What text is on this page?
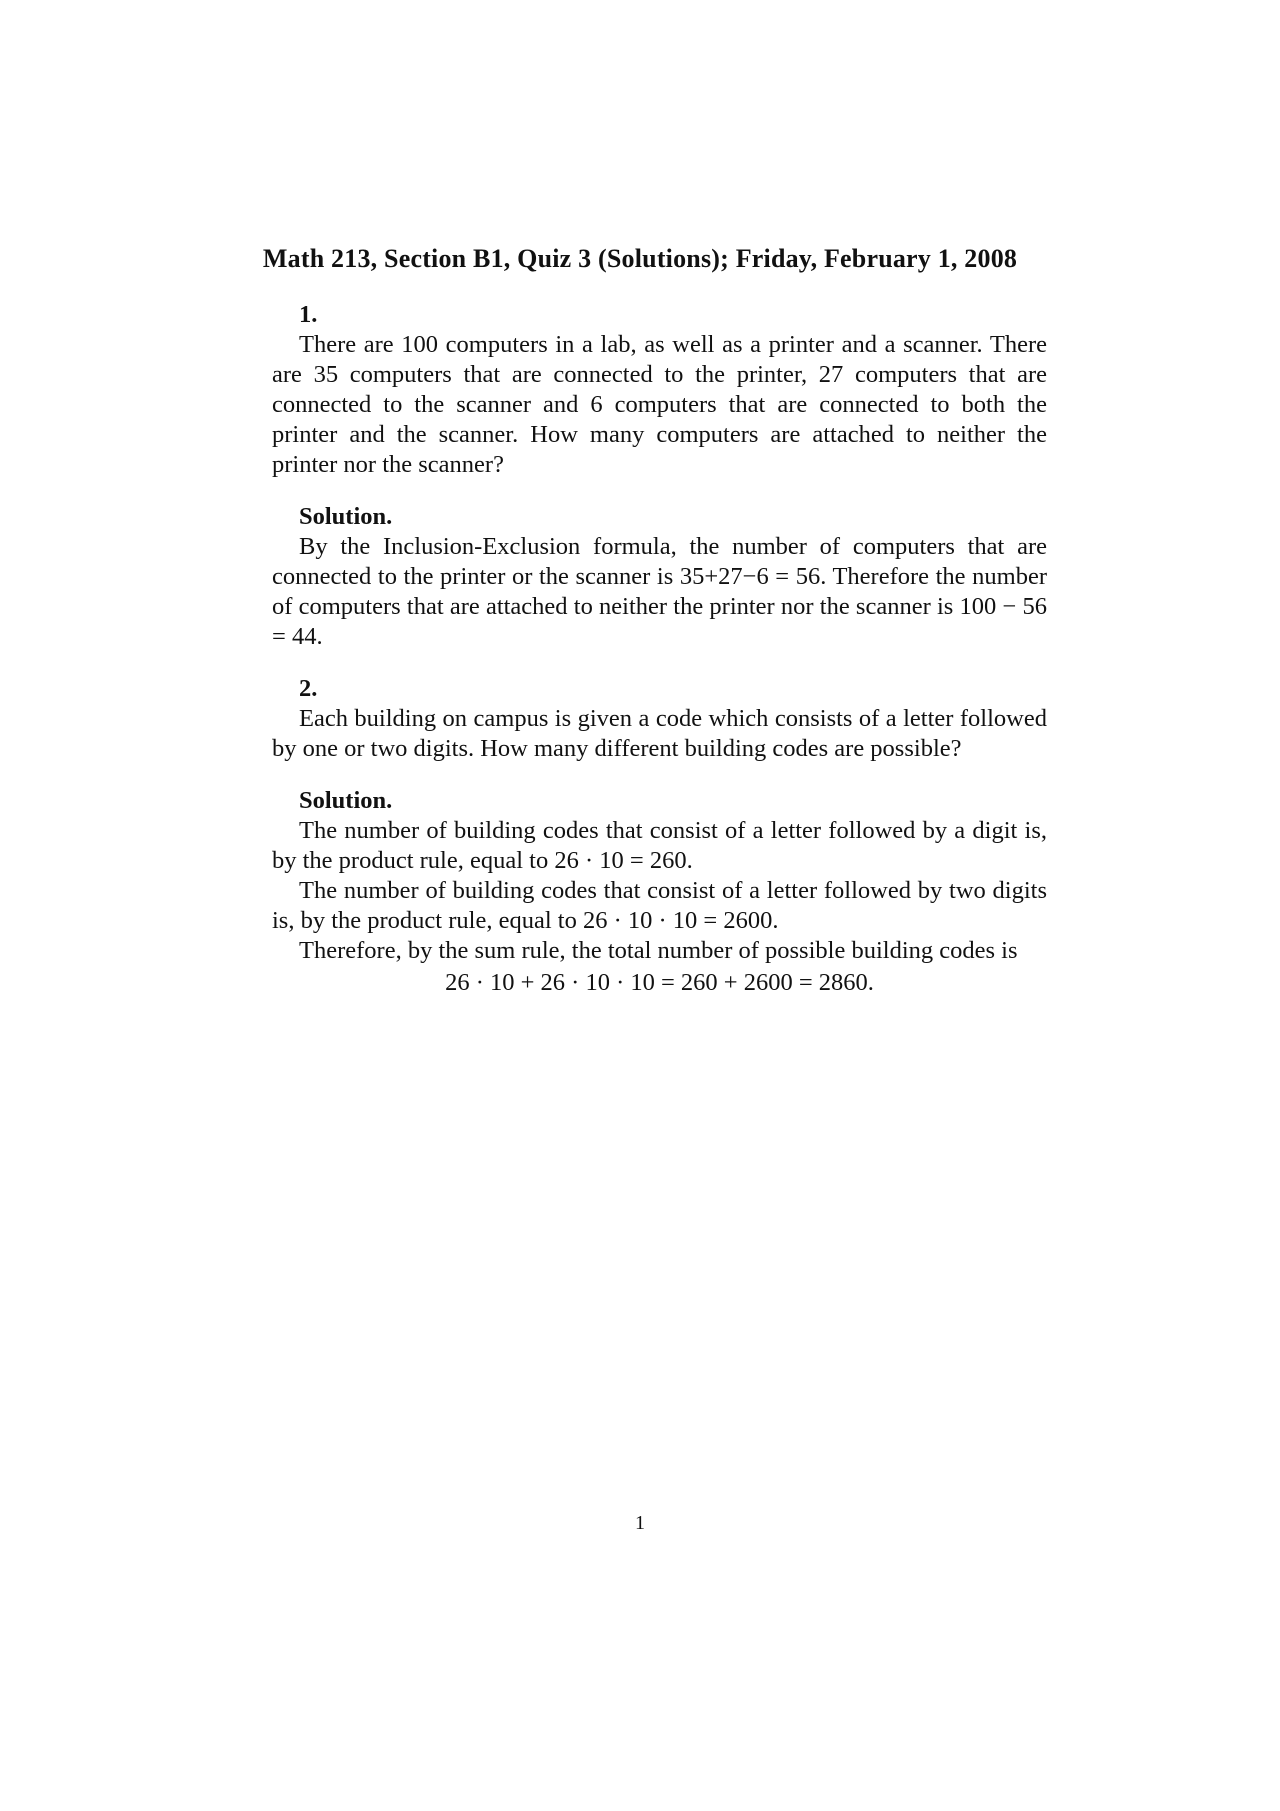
Math 213, Section B1, Quiz 3 (Solutions); Friday, February 1, 2008

1.

There are 100 computers in a lab, as well as a printer and a scanner. There are 35 computers that are connected to the printer, 27 computers that are connected to the scanner and 6 computers that are connected to both the printer and the scanner. How many computers are attached to neither the printer nor the scanner?

Solution.

By the Inclusion-Exclusion formula, the number of computers that are connected to the printer or the scanner is 35+27−6 = 56. Therefore the number of computers that are attached to neither the printer nor the scanner is 100 − 56 = 44.

2.

Each building on campus is given a code which consists of a letter followed by one or two digits. How many different building codes are possible?

Solution.

The number of building codes that consist of a letter followed by a digit is, by the product rule, equal to 26 · 10 = 260.

The number of building codes that consist of a letter followed by two digits is, by the product rule, equal to 26 · 10 · 10 = 2600.

Therefore, by the sum rule, the total number of possible building codes is

26 · 10 + 26 · 10 · 10 = 260 + 2600 = 2860.

1
